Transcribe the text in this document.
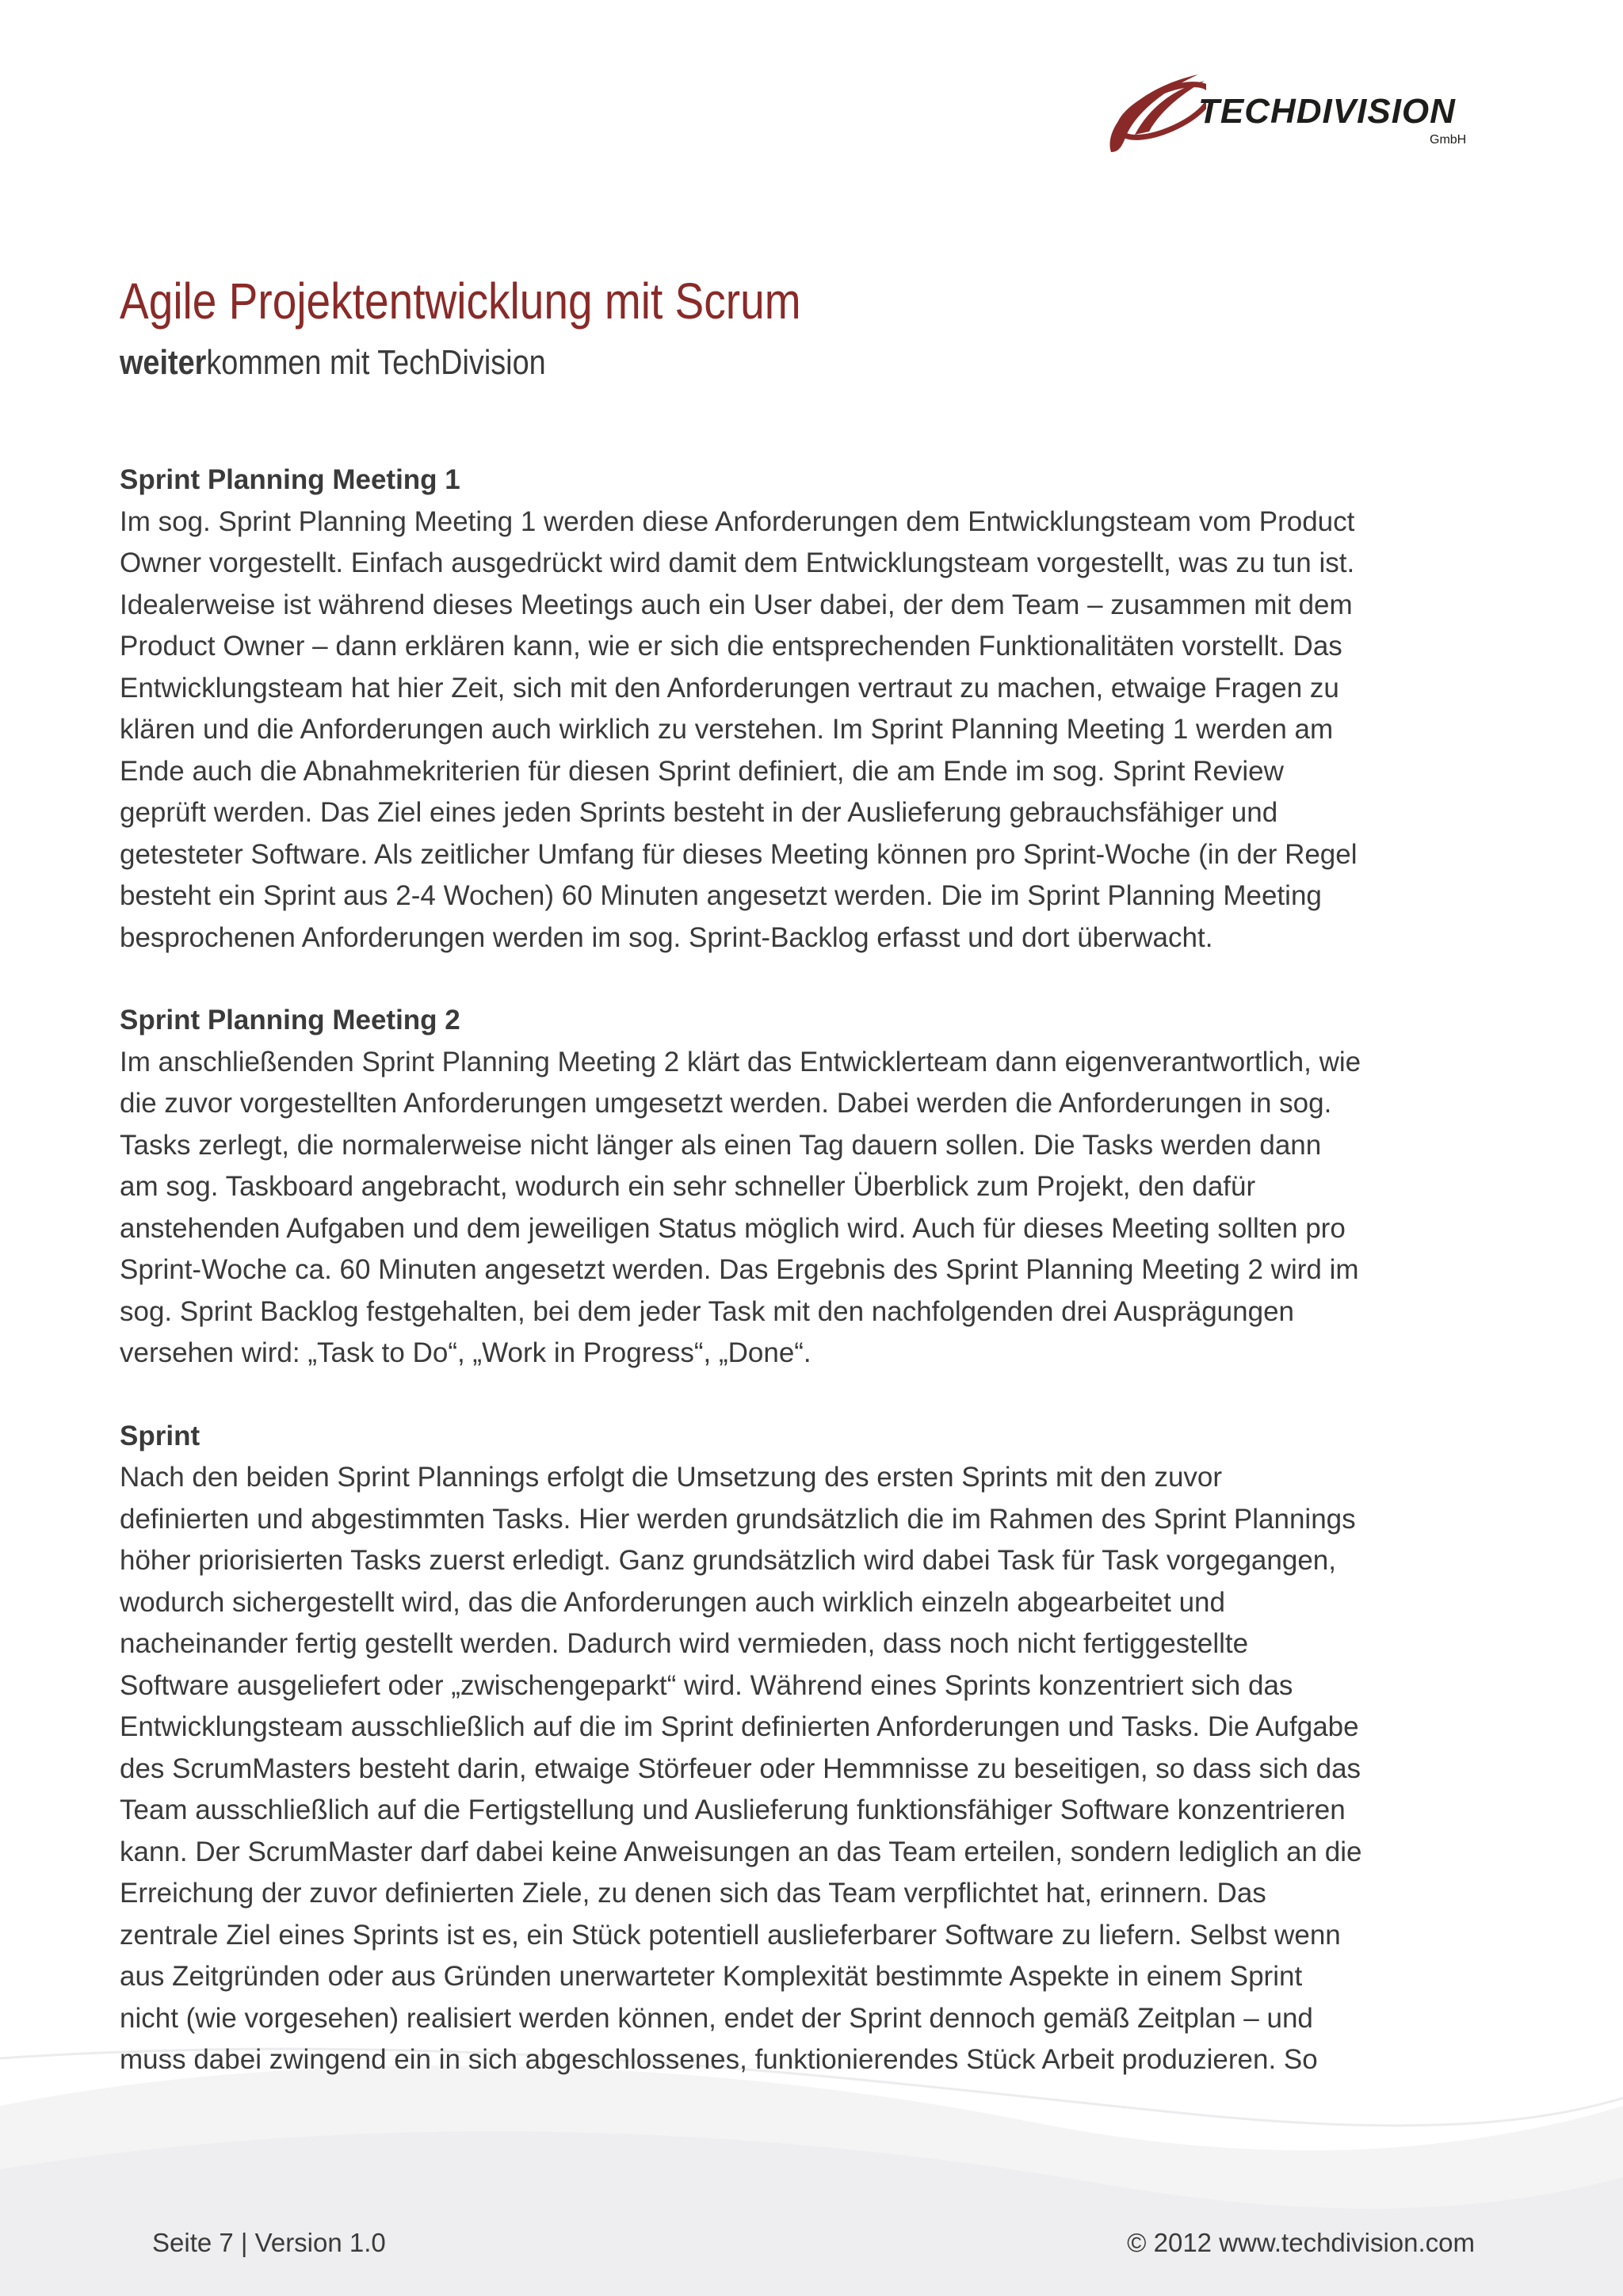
TECHDIVISION
GmbH
Agile Projektentwicklung mit Scrum
weiterkommen mit TechDivision

Sprint Planning Meeting 1

Im sog. Sprint Planning Meeting 1 werden diese Anforderungen dem Entwicklungsteam vom Product
Owner vorgestellt. Einfach ausgedrückt wird damit dem Entwicklungsteam vorgestellt, was zu tun ist.
Idealerweise ist während dieses Meetings auch ein User dabei, der dem Team – zusammen mit dem
Product Owner – dann erklären kann, wie er sich die entsprechenden Funktionalitäten vorstellt. Das
Entwicklungsteam hat hier Zeit, sich mit den Anforderungen vertraut zu machen, etwaige Fragen zu
klären und die Anforderungen auch wirklich zu verstehen. Im Sprint Planning Meeting 1 werden am
Ende auch die Abnahmekriterien für diesen Sprint definiert, die am Ende im sog. Sprint Review
geprüft werden. Das Ziel eines jeden Sprints besteht in der Auslieferung gebrauchsfähiger und
getesteter Software. Als zeitlicher Umfang für dieses Meeting können pro Sprint-Woche (in der Regel
besteht ein Sprint aus 2-4 Wochen) 60 Minuten angesetzt werden. Die im Sprint Planning Meeting
besprochenen Anforderungen werden im sog. Sprint-Backlog erfasst und dort überwacht.

Sprint Planning Meeting 2

Im anschließenden Sprint Planning Meeting 2 klärt das Entwicklerteam dann eigenverantwortlich, wie
die zuvor vorgestellten Anforderungen umgesetzt werden. Dabei werden die Anforderungen in sog.
Tasks zerlegt, die normalerweise nicht länger als einen Tag dauern sollen. Die Tasks werden dann
am sog. Taskboard angebracht, wodurch ein sehr schneller Überblick zum Projekt, den dafür
anstehenden Aufgaben und dem jeweiligen Status möglich wird. Auch für dieses Meeting sollten pro
Sprint-Woche ca. 60 Minuten angesetzt werden. Das Ergebnis des Sprint Planning Meeting 2 wird im
sog. Sprint Backlog festgehalten, bei dem jeder Task mit den nachfolgenden drei Ausprägungen
versehen wird: „Task to Do“, „Work in Progress“, „Done“.

Sprint

Nach den beiden Sprint Plannings erfolgt die Umsetzung des ersten Sprints mit den zuvor
definierten und abgestimmten Tasks. Hier werden grundsätzlich die im Rahmen des Sprint Plannings
höher priorisierten Tasks zuerst erledigt. Ganz grundsätzlich wird dabei Task für Task vorgegangen,
wodurch sichergestellt wird, das die Anforderungen auch wirklich einzeln abgearbeitet und
nacheinander fertig gestellt werden. Dadurch wird vermieden, dass noch nicht fertiggestellte
Software ausgeliefert oder „zwischengeparkt“ wird. Während eines Sprints konzentriert sich das
Entwicklungsteam ausschließlich auf die im Sprint definierten Anforderungen und Tasks. Die Aufgabe
des ScrumMasters besteht darin, etwaige Störfeuer oder Hemmnisse zu beseitigen, so dass sich das
Team ausschließlich auf die Fertigstellung und Auslieferung funktionsfähiger Software konzentrieren
kann. Der ScrumMaster darf dabei keine Anweisungen an das Team erteilen, sondern lediglich an die
Erreichung der zuvor definierten Ziele, zu denen sich das Team verpflichtet hat, erinnern. Das
zentrale Ziel eines Sprints ist es, ein Stück potentiell auslieferbarer Software zu liefern. Selbst wenn
aus Zeitgründen oder aus Gründen unerwarteter Komplexität bestimmte Aspekte in einem Sprint
nicht (wie vorgesehen) realisiert werden können, endet der Sprint dennoch gemäß Zeitplan – und
muss dabei zwingend ein in sich abgeschlossenes, funktionierendes Stück Arbeit produzieren. So

Seite 7 | Version 1.0	© 2012 www.techdivision.com
